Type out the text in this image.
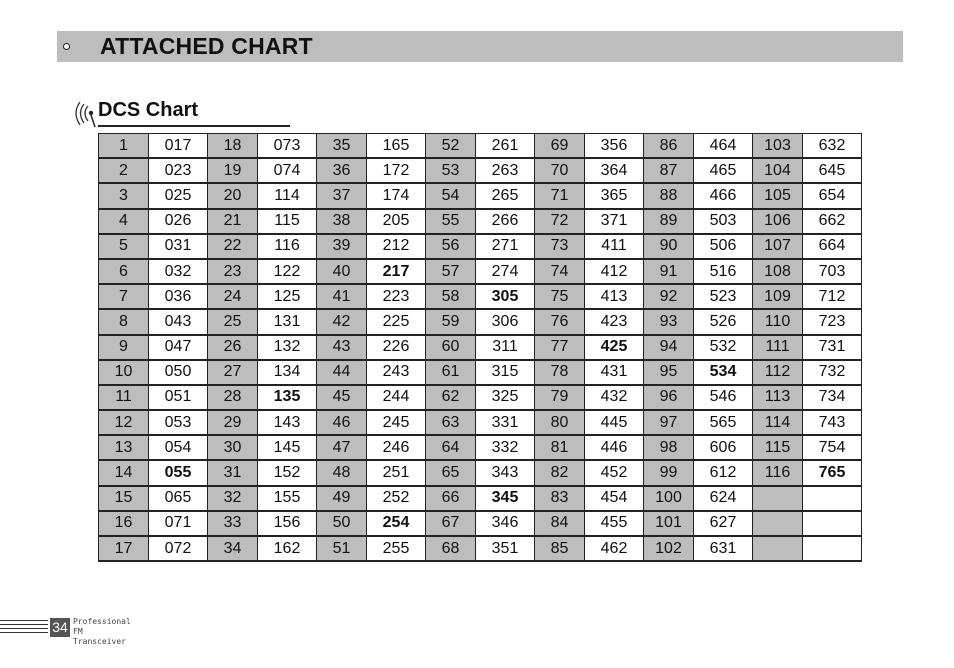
ATTACHED CHART
DCS Chart
1	017	18	073	35	165	52	261	69	356	86	464	103	632
2	023	19	074	36	172	53	263	70	364	87	465	104	645
3	025	20	114	37	174	54	265	71	365	88	466	105	654
4	026	21	115	38	205	55	266	72	371	89	503	106	662
5	031	22	116	39	212	56	271	73	411	90	506	107	664
6	032	23	122	40	217	57	274	74	412	91	516	108	703
7	036	24	125	41	223	58	305	75	413	92	523	109	712
8	043	25	131	42	225	59	306	76	423	93	526	110	723
9	047	26	132	43	226	60	311	77	425	94	532	111	731
10	050	27	134	44	243	61	315	78	431	95	534	112	732
11	051	28	135	45	244	62	325	79	432	96	546	113	734
12	053	29	143	46	245	63	331	80	445	97	565	114	743
13	054	30	145	47	246	64	332	81	446	98	606	115	754
14	055	31	152	48	251	65	343	82	452	99	612	116	765
15	065	32	155	49	252	66	345	83	454	100	624		
16	071	33	156	50	254	67	346	84	455	101	627		
17	072	34	162	51	255	68	351	85	462	102	631		
34 Professional
FM Transceiver
